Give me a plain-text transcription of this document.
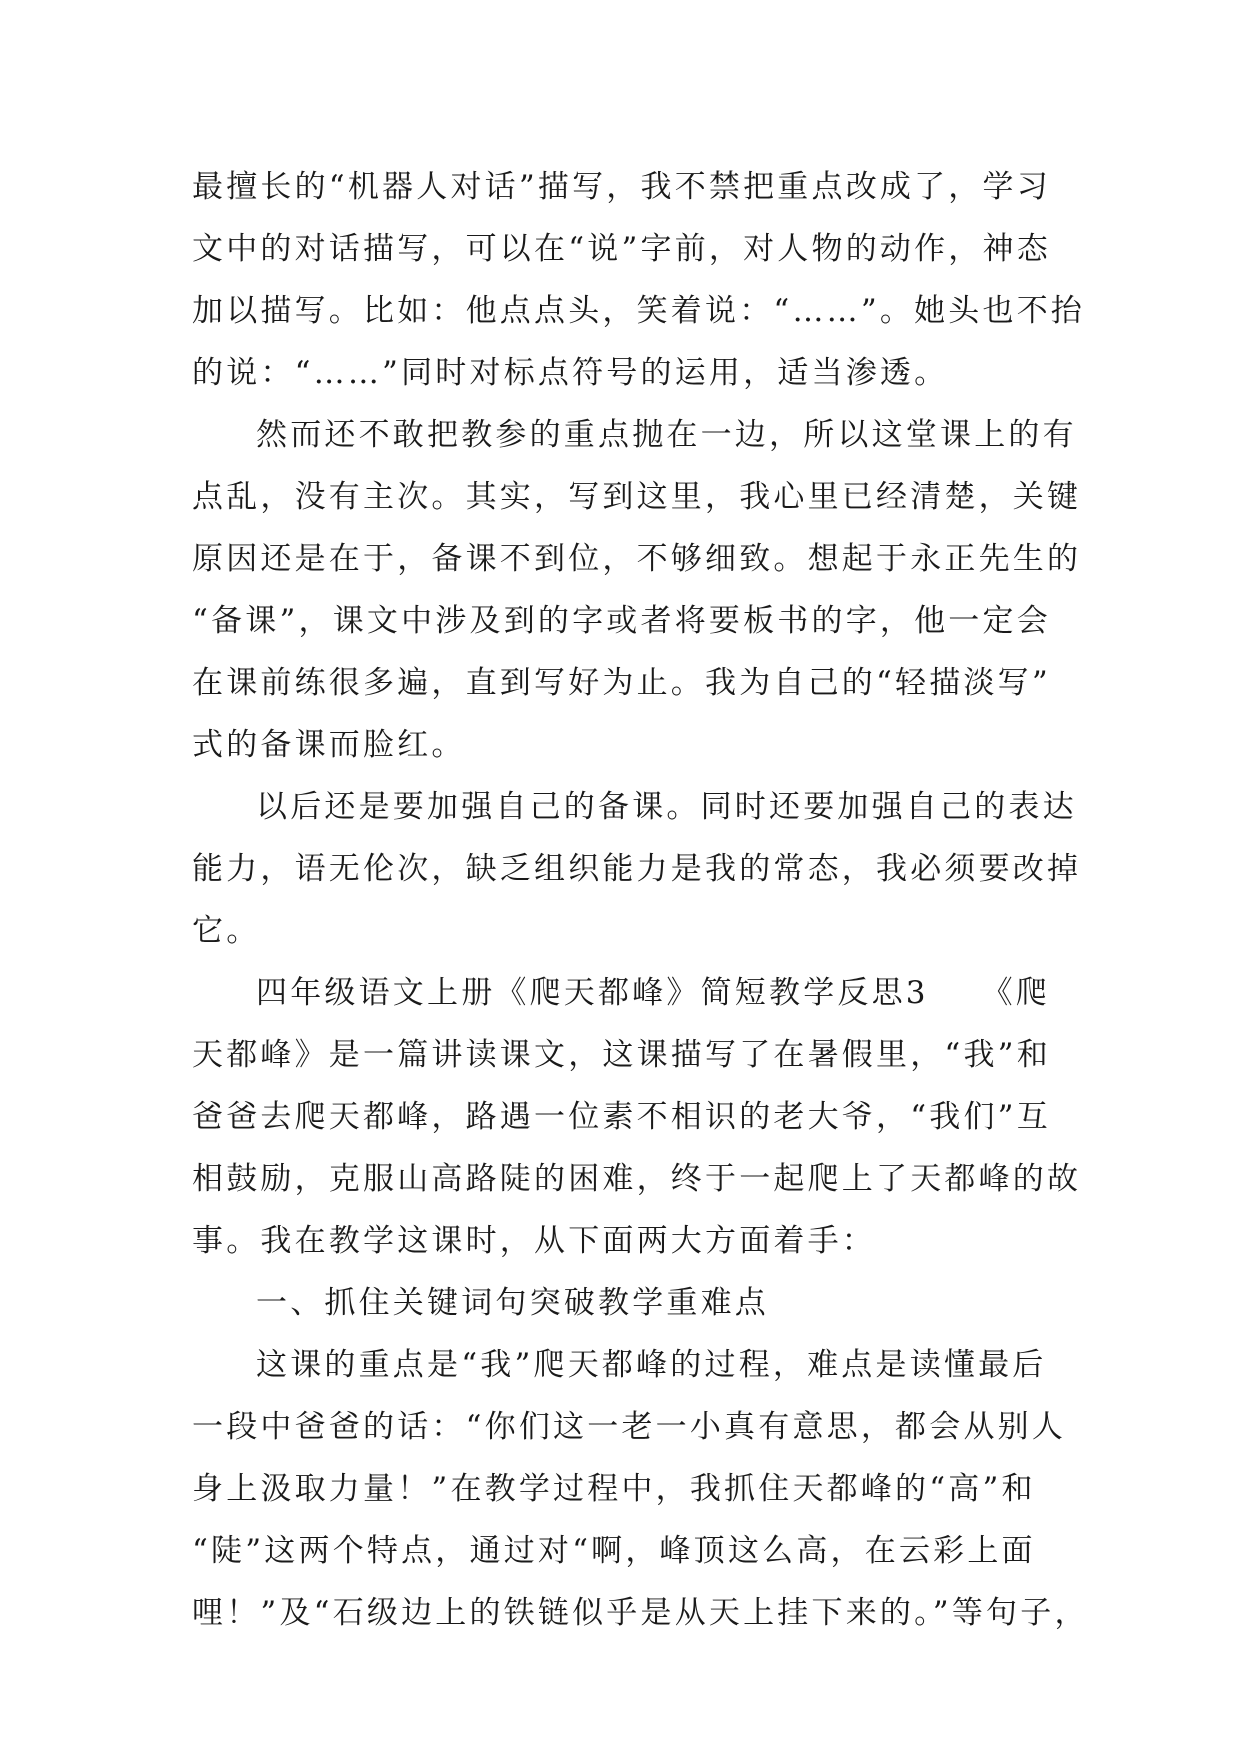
最擅长的“机器人对话”描写，我不禁把重点改成了，学习
文中的对话描写，可以在“说”字前，对人物的动作，神态
加以描写。比如：他点点头，笑着说：“……”。她头也不抬
的说：“……”同时对标点符号的运用，适当渗透。
然而还不敢把教参的重点抛在一边，所以这堂课上的有
点乱，没有主次。其实，写到这里，我心里已经清楚，关键
原因还是在于，备课不到位，不够细致。想起于永正先生的
“备课”，课文中涉及到的字或者将要板书的字，他一定会
在课前练很多遍，直到写好为止。我为自己的“轻描淡写”
式的备课而脸红。
以后还是要加强自己的备课。同时还要加强自己的表达
能力，语无伦次，缺乏组织能力是我的常态，我必须要改掉
它。
四年级语文上册《爬天都峰》简短教学反思3　　《爬
天都峰》是一篇讲读课文，这课描写了在暑假里，“我”和
爸爸去爬天都峰，路遇一位素不相识的老大爷，“我们”互
相鼓励，克服山高路陡的困难，终于一起爬上了天都峰的故
事。我在教学这课时，从下面两大方面着手：
一、抓住关键词句突破教学重难点
这课的重点是“我”爬天都峰的过程，难点是读懂最后
一段中爸爸的话：“你们这一老一小真有意思，都会从别人
身上汲取力量！”在教学过程中，我抓住天都峰的“高”和
“陡”这两个特点，通过对“啊，峰顶这么高，在云彩上面
哩！”及“石级边上的铁链似乎是从天上挂下来的。”等句子，
